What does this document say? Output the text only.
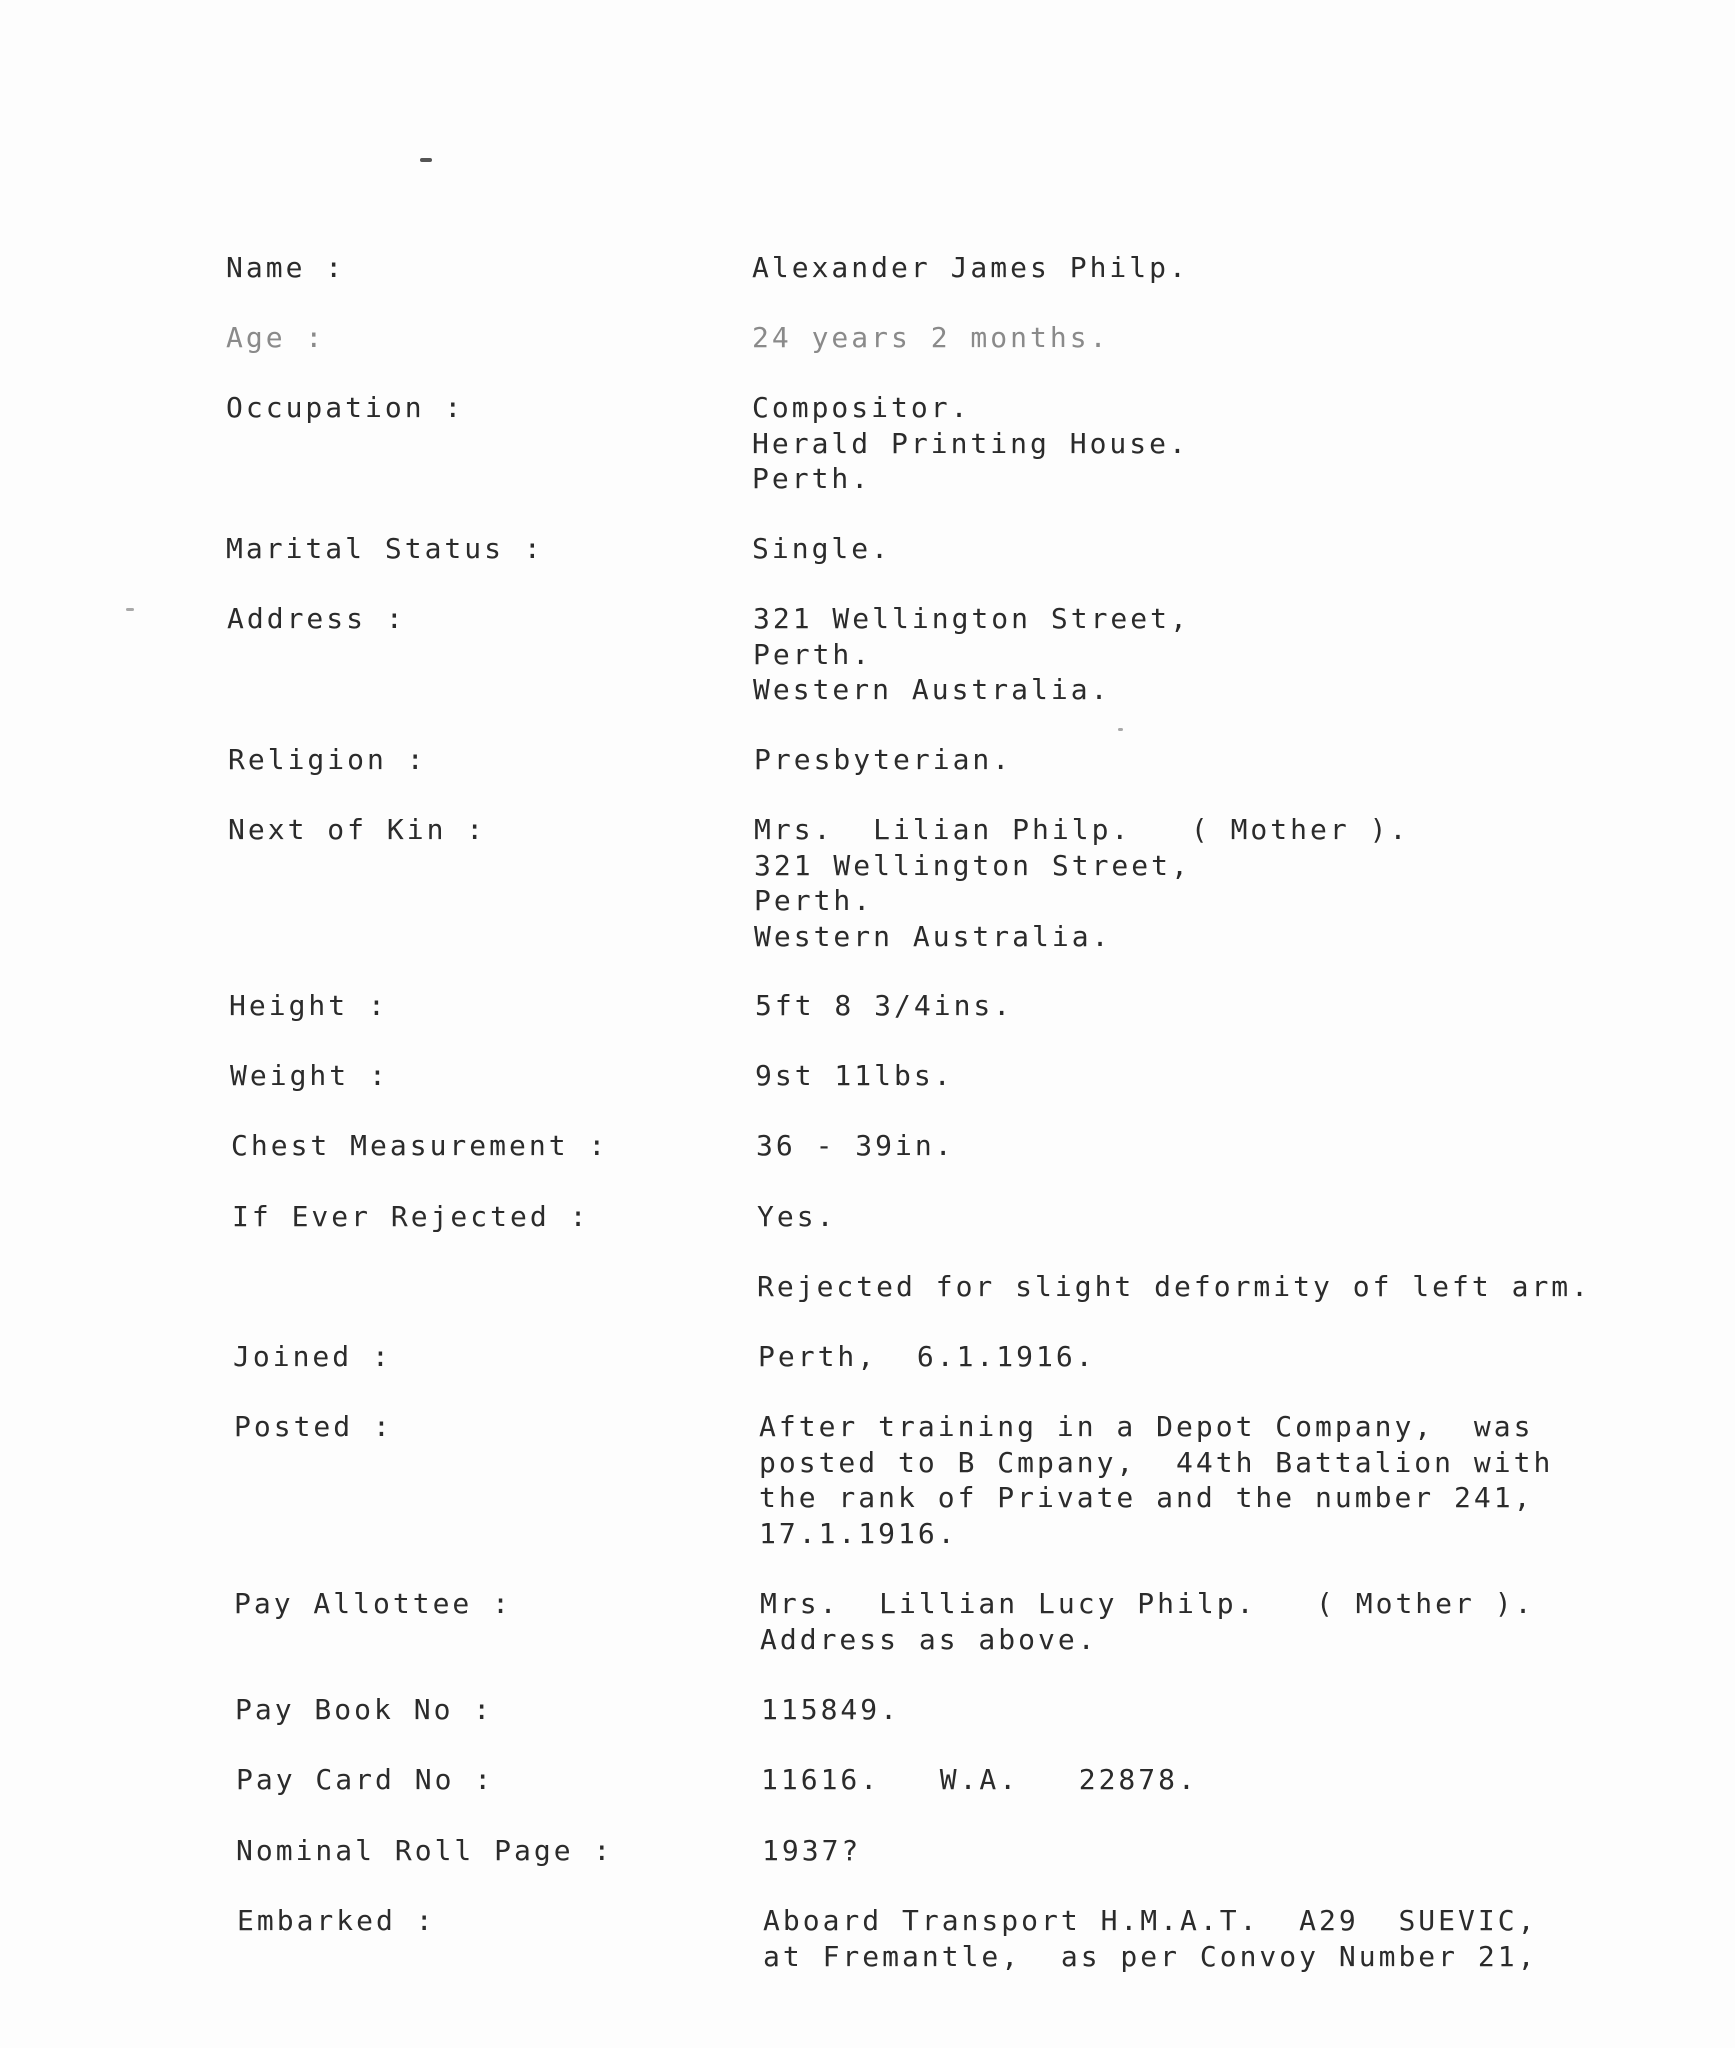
Name :	Alexander James Philp.
Age :	24 years 2 months.
Occupation :	Compositor.
Herald Printing House.
Perth.
Marital Status :	Single.
Address :	321 Wellington Street,
Perth.
Western Australia.
Religion :	Presbyterian.
Next of Kin :	Mrs.  Lilian Philp.   ( Mother ).
321 Wellington Street,
Perth.
Western Australia.
Height :	5ft 8 3/4ins.
Weight :	9st 11lbs.
Chest Measurement :	36 - 39in.
If Ever Rejected :	Yes.
Rejected for slight deformity of left arm.
Joined :	Perth,  6.1.1916.
Posted :	After training in a Depot Company,  was
posted to B Cmpany,  44th Battalion with
the rank of Private and the number 241,
17.1.1916.
Pay Allottee :	Mrs.  Lillian Lucy Philp.   ( Mother ).
Address as above.
Pay Book No :	115849.
Pay Card No :	11616.   W.A.   22878.
Nominal Roll Page :	1937?
Embarked :	Aboard Transport H.M.A.T.  A29  SUEVIC,
at Fremantle,  as per Convoy Number 21,
